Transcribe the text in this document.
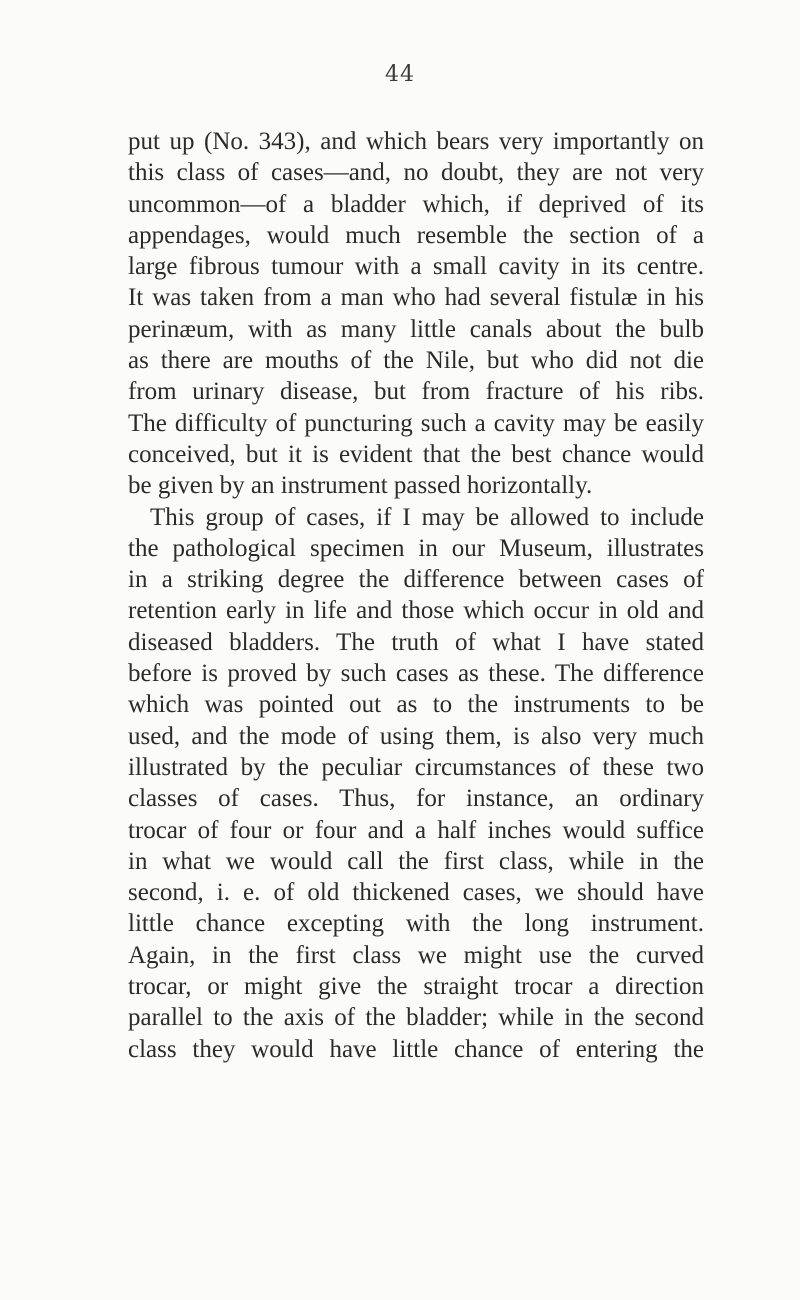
44
put up (No. 343), and which bears very importantly on
this class of cases—and, no doubt, they are not very
uncommon—of a bladder which, if deprived of its
appendages, would much resemble the section of a
large fibrous tumour with a small cavity in its centre.
It was taken from a man who had several fistulæ in his
perinæum, with as many little canals about the bulb
as there are mouths of the Nile, but who did not die
from urinary disease, but from fracture of his ribs.
The difficulty of puncturing such a cavity may be easily
conceived, but it is evident that the best chance would
be given by an instrument passed horizontally.
This group of cases, if I may be allowed to include
the pathological specimen in our Museum, illustrates
in a striking degree the difference between cases of
retention early in life and those which occur in old and
diseased bladders. The truth of what I have stated
before is proved by such cases as these. The difference
which was pointed out as to the instruments to be
used, and the mode of using them, is also very much
illustrated by the peculiar circumstances of these two
classes of cases. Thus, for instance, an ordinary
trocar of four or four and a half inches would suffice
in what we would call the first class, while in the
second, i. e. of old thickened cases, we should have
little chance excepting with the long instrument.
Again, in the first class we might use the curved
trocar, or might give the straight trocar a direction
parallel to the axis of the bladder; while in the second
class they would have little chance of entering the
